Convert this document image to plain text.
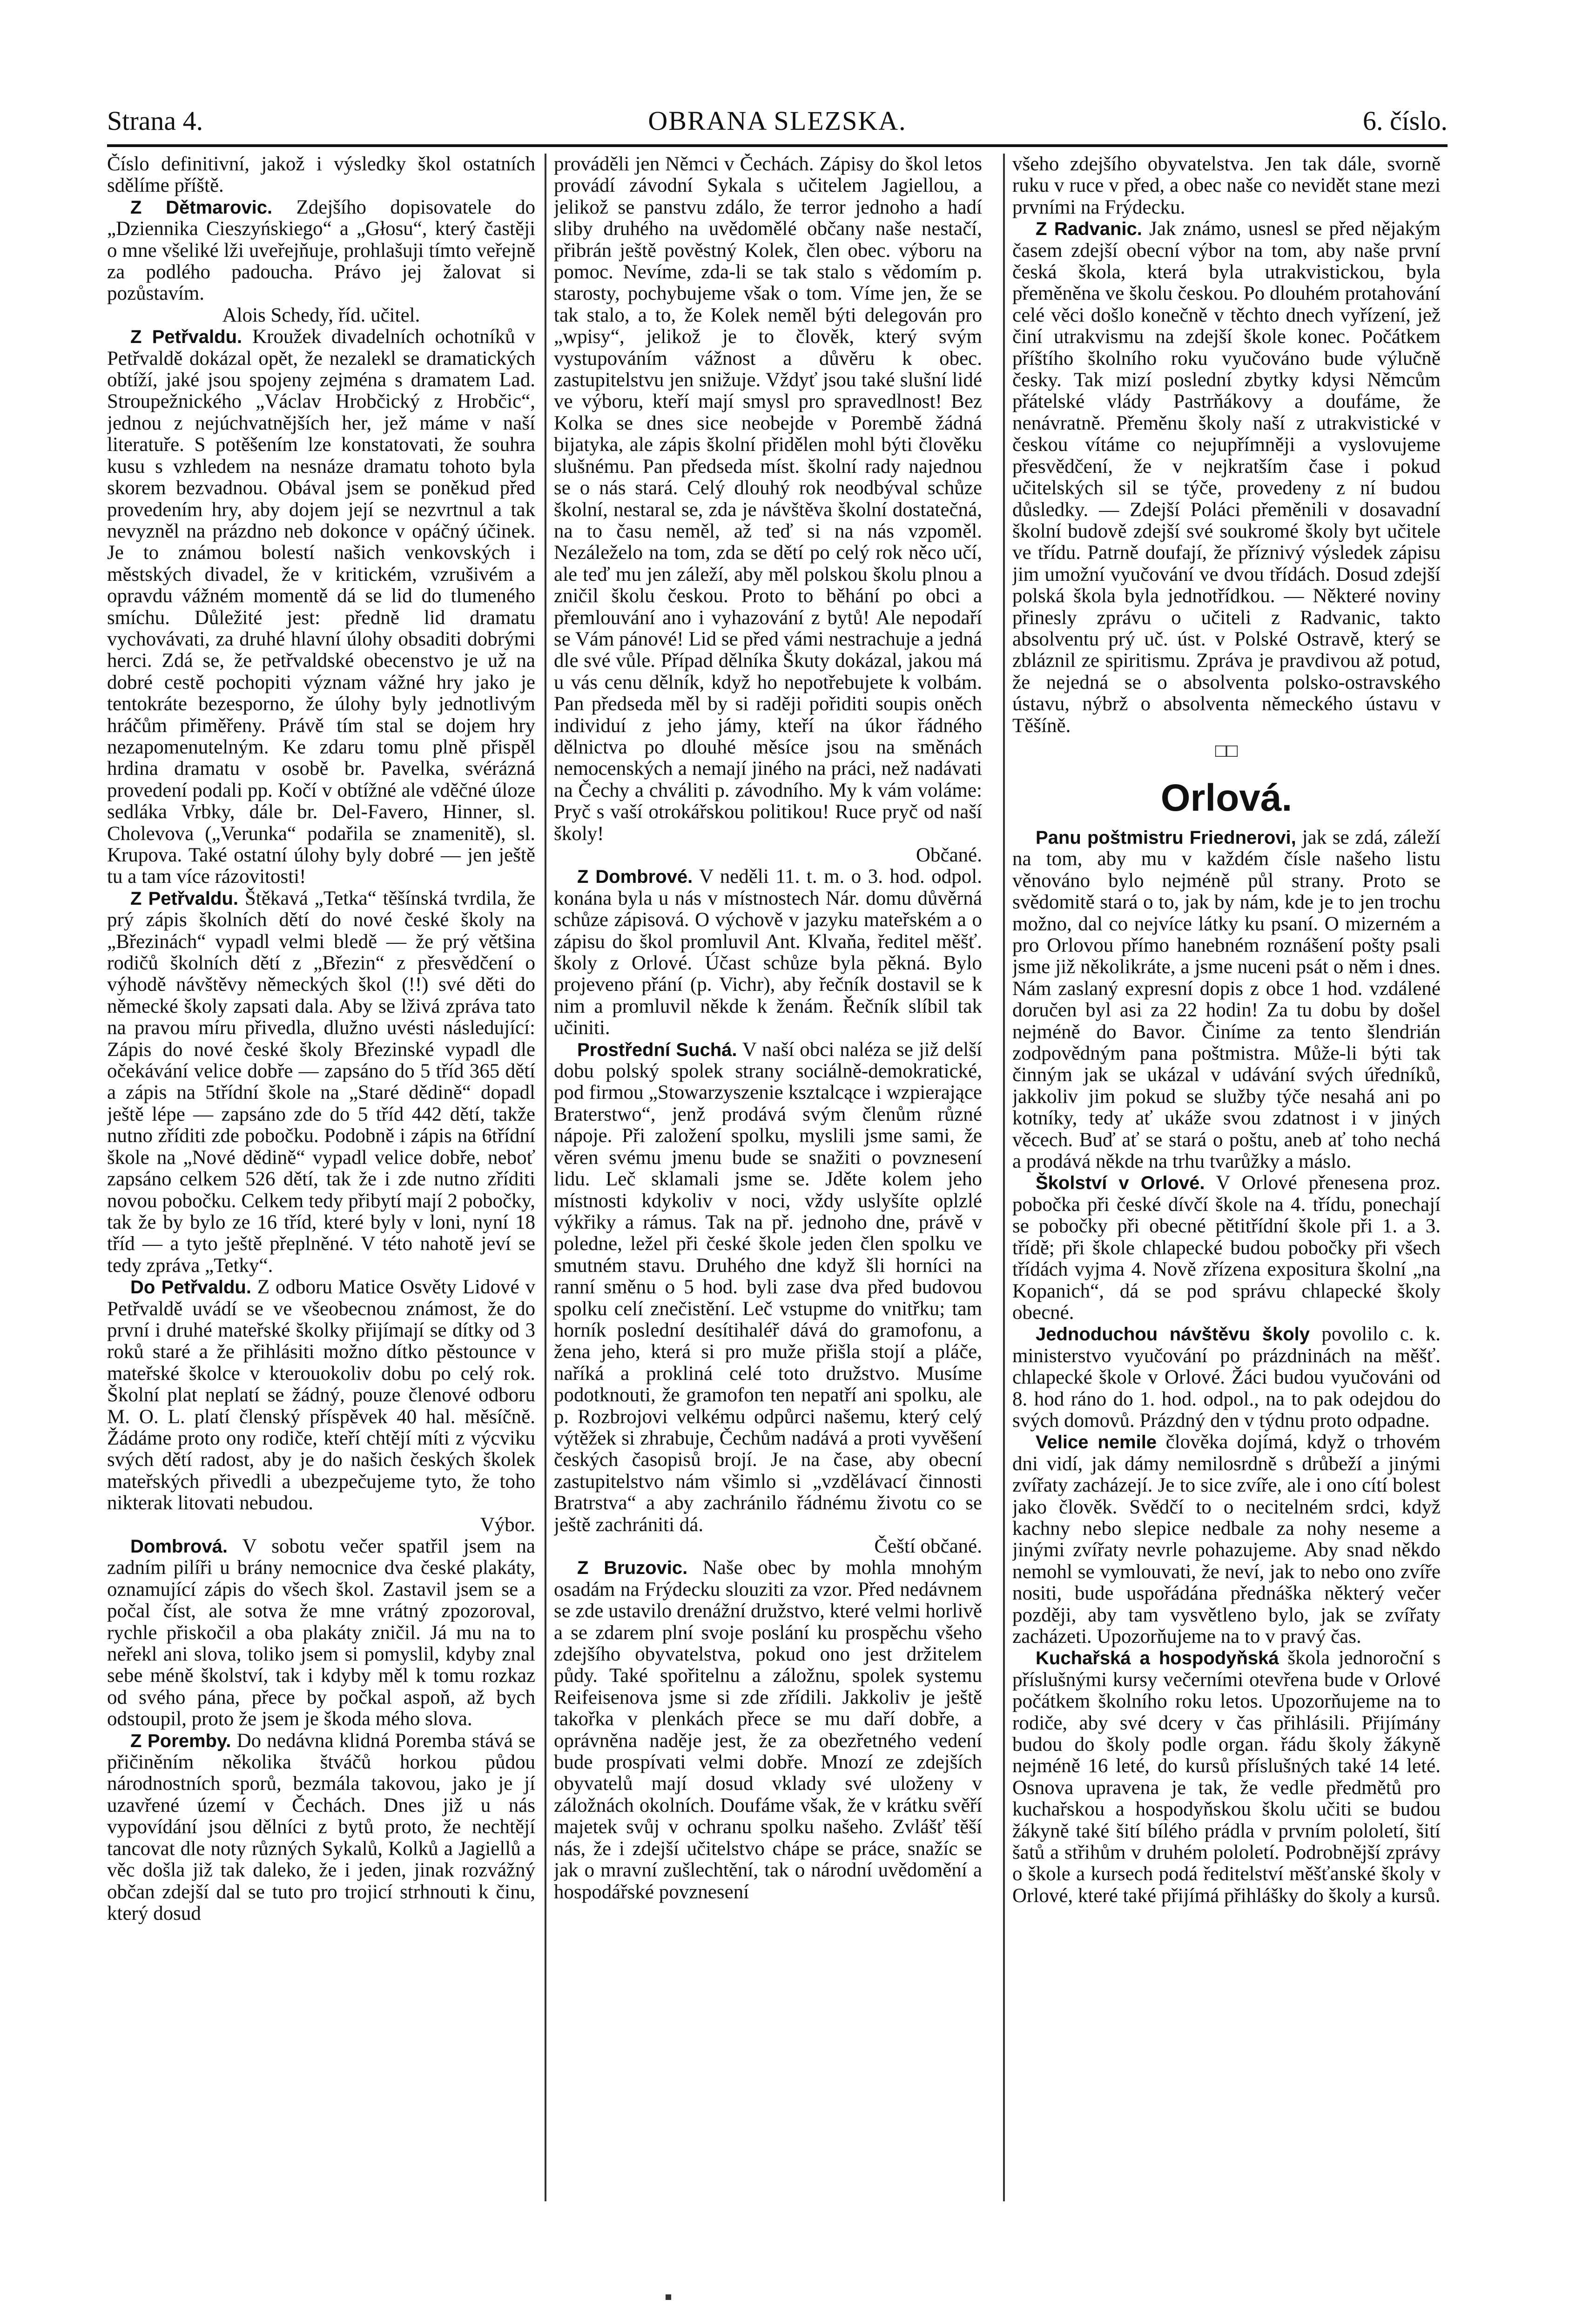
Strana 4.	OBRANA SLEZSKA.	6. číslo.

Číslo definitivní, jakož i výsledky škol ostatních sdělíme příště.

Z Dětmarovic. Zdejšího dopisovatele do „Dziennika Cieszyńskiego“ a „Głosu“, který častěji o mne všeliké lži uveřejňuje, prohlašuji tímto veřejně za podlého padoucha. Právo jej žalovat si pozůstavím.

Alois Schedy, říd. učitel.

Z Petřvaldu. Kroužek divadelních ochotníků v Petřvaldě dokázal opět, že nezalekl se dramatických obtíží, jaké jsou spojeny zejména s dramatem Lad. Stroupežnického „Václav Hrobčický z Hrobčic“, jednou z nejúchvatnějších her, jež máme v naší literatuře. S potěšením lze konstatovati, že souhra kusu s vzhledem na nesnáze dramatu tohoto byla skorem bezvadnou. Obával jsem se poněkud před provedením hry, aby dojem její se nezvrtnul a tak nevyzněl na prázdno neb dokonce v opáčný účinek. Je to známou bolestí našich venkovských i městských divadel, že v kritickém, vzrušivém a opravdu vážném momentě dá se lid do tlumeného smíchu. Důležité jest: předně lid dramatu vychovávati, za druhé hlavní úlohy obsaditi dobrými herci. Zdá se, že petřvaldské obecenstvo je už na dobré cestě pochopiti význam vážné hry jako je tentokráte bezesporno, že úlohy byly jednotlivým hráčům přiměřeny. Právě tím stal se dojem hry nezapomenutelným. Ke zdaru tomu plně přispěl hrdina dramatu v osobě br. Pavelka, svérázná provedení podali pp. Kočí v obtížné ale vděčné úloze sedláka Vrbky, dále br. Del-Favero, Hinner, sl. Cholevova („Verunka“ podařila se znamenitě), sl. Krupova. Také ostatní úlohy byly dobré — jen ještě tu a tam více rázovitosti!

Z Petřvaldu. Štěkavá „Tetka“ těšínská tvrdila, že prý zápis školních dětí do nové české školy na „Březinách“ vypadl velmi bledě — že prý většina rodičů školních dětí z „Březin“ z přesvědčení o výhodě návštěvy německých škol (!!) své děti do německé školy zapsati dala. Aby se lživá zpráva tato na pravou míru přivedla, dlužno uvésti následující: Zápis do nové české školy Březinské vypadl dle očekávání velice dobře — zapsáno do 5 tříd 365 dětí a zápis na 5třídní škole na „Staré dědině“ dopadl ještě lépe — zapsáno zde do 5 tříd 442 dětí, takže nutno zříditi zde pobočku. Podobně i zápis na 6třídní škole na „Nové dědině“ vypadl velice dobře, neboť zapsáno celkem 526 dětí, tak že i zde nutno zříditi novou pobočku. Celkem tedy přibytí mají 2 pobočky, tak že by bylo ze 16 tříd, které byly v loni, nyní 18 tříd — a tyto ještě přeplněné. V této nahotě jeví se tedy zpráva „Tetky“.

Do Petřvaldu. Z odboru Matice Osvěty Lidové v Petřvaldě uvádí se ve všeobecnou známost, že do první i druhé mateřské školky přijímají se dítky od 3 roků staré a že přihlásiti možno dítko pěstounce v mateřské školce v kterouokoliv dobu po celý rok. Školní plat neplatí se žádný, pouze členové odboru M. O. L. platí členský příspěvek 40 hal. měsíčně. Žádáme proto ony rodiče, kteří chtějí míti z výcviku svých dětí radost, aby je do našich českých školek mateřských přivedli a ubezpečujeme tyto, že toho nikterak litovati nebudou.

Výbor.

Dombrová. V sobotu večer spatřil jsem na zadním pilíři u brány nemocnice dva české plakáty, oznamující zápis do všech škol. Zastavil jsem se a počal číst, ale sotva že mne vrátný zpozoroval, rychle přiskočil a oba plakáty zničil. Já mu na to neřekl ani slova, toliko jsem si pomyslil, kdyby znal sebe méně školství, tak i kdyby měl k tomu rozkaz od svého pána, přece by počkal aspoň, až bych odstoupil, proto že jsem je škoda mého slova.

Z Poremby. Do nedávna klidná Poremba stává se přičiněním několika štváčů horkou půdou národnostních sporů, bezmála takovou, jako je jí uzavřené území v Čechách. Dnes již u nás vypovídání jsou dělníci z bytů proto, že nechtějí tancovat dle noty různých Sykalů, Kolků a Jagiellů a věc došla již tak daleko, že i jeden, jinak rozvážný občan zdejší dal se tuto pro trojicí strhnouti k činu, který dosud

prováděli jen Němci v Čechách. Zápisy do škol letos provádí závodní Sykala s učitelem Jagiellou, a jelikož se panstvu zdálo, že terror jednoho a hadí sliby druhého na uvědomělé občany naše nestačí, přibrán ještě pověstný Kolek, člen obec. výboru na pomoc. Nevíme, zda-li se tak stalo s vědomím p. starosty, pochybujeme však o tom. Víme jen, že se tak stalo, a to, že Kolek neměl býti delegován pro „wpisy“, jelikož je to člověk, který svým vystupováním vážnost a důvěru k obec. zastupitelstvu jen snižuje. Vždyť jsou také slušní lidé ve výboru, kteří mají smysl pro spravedlnost! Bez Kolka se dnes sice neobejde v Porembě žádná bijatyka, ale zápis školní přidělen mohl býti člověku slušnému. Pan předseda míst. školní rady najednou se o nás stará. Celý dlouhý rok neodbýval schůze školní, nestaral se, zda je návštěva školní dostatečná, na to času neměl, až teď si na nás vzpoměl. Nezáleželo na tom, zda se dětí po celý rok něco učí, ale teď mu jen záleží, aby měl polskou školu plnou a zničil školu českou. Proto to běhání po obci a přemlouvání ano i vyhazování z bytů! Ale nepodaří se Vám pánové! Lid se před vámi nestrachuje a jedná dle své vůle. Případ dělníka Škuty dokázal, jakou má u vás cenu dělník, když ho nepotřebujete k volbám. Pan předseda měl by si raději pořiditi soupis oněch individuí z jeho jámy, kteří na úkor řádného dělnictva po dlouhé měsíce jsou na směnách nemocenských a nemají jiného na práci, než nadávati na Čechy a chváliti p. závodního. My k vám voláme: Pryč s vaší otrokářskou politikou! Ruce pryč od naší školy!

Občané.

Z Dombrové. V neděli 11. t. m. o 3. hod. odpol. konána byla u nás v místnostech Nár. domu důvěrná schůze zápisová. O výchově v jazyku mateřském a o zápisu do škol promluvil Ant. Klvaňa, ředitel měšť. školy z Orlové. Účast schůze byla pěkná. Bylo projeveno přání (p. Vichr), aby řečník dostavil se k nim a promluvil někde k ženám. Řečník slíbil tak učiniti.

Prostřední Suchá. V naší obci naléza se již delší dobu polský spolek strany sociálně-demokratické, pod firmou „Stowarzyszenie ksztalcące i wzpierające Braterstwo“, jenž prodává svým členům různé nápoje. Při založení spolku, myslili jsme sami, že věren svému jmenu bude se snažiti o povznesení lidu. Leč sklamali jsme se. Jděte kolem jeho místnosti kdykoliv v noci, vždy uslyšíte oplzlé výkřiky a rámus. Tak na př. jednoho dne, právě v poledne, ležel při české škole jeden člen spolku ve smutném stavu. Druhého dne když šli horníci na ranní směnu o 5 hod. byli zase dva před budovou spolku celí znečistění. Leč vstupme do vnitřku; tam horník poslední desítihaléř dává do gramofonu, a žena jeho, která si pro muže přišla stojí a pláče, naříká a prokliná celé toto družstvo. Musíme podotknouti, že gramofon ten nepatří ani spolku, ale p. Rozbrojovi velkému odpůrci našemu, který celý výtěžek si zhrabuje, Čechům nadává a proti vyvěšení českých časopisů brojí. Je na čase, aby obecní zastupitelstvo nám všimlo si „vzdělávací činnosti Bratrstva“ a aby zachránilo řádnému životu co se ještě zachrániti dá.

Čeští občané.

Z Bruzovic. Naše obec by mohla mnohým osadám na Frýdecku slouziti za vzor. Před nedávnem se zde ustavilo drenážní družstvo, které velmi horlivě a se zdarem plní svoje poslání ku prospěchu všeho zdejšího obyvatelstva, pokud ono jest držitelem půdy. Také spořitelnu a záložnu, spolek systemu Reifeisenova jsme si zde zřídili. Jakkoliv je ještě takořka v plenkách přece se mu daří dobře, a oprávněna naděje jest, že za obezřetného vedení bude prospívati velmi dobře. Mnozí ze zdejších obyvatelů mají dosud vklady své uloženy v záložnách okolních. Doufáme však, že v krátku svěří majetek svůj v ochranu spolku našeho. Zvlášť těší nás, že i zdejší učitelstvo chápe se práce, snažíc se jak o mravní zušlechtění, tak o národní uvědomění a hospodářské povznesení

všeho zdejšího obyvatelstva. Jen tak dále, svorně ruku v ruce v před, a obec naše co nevidět stane mezi prvními na Frýdecku.

Z Radvanic. Jak známo, usnesl se před nějakým časem zdejší obecní výbor na tom, aby naše první česká škola, která byla utrakvistickou, byla přeměněna ve školu českou. Po dlouhém protahování celé věci došlo konečně v těchto dnech vyřízení, jež činí utrakvismu na zdejší škole konec. Počátkem příštího školního roku vyučováno bude výlučně česky. Tak mizí poslední zbytky kdysi Němcům přátelské vlády Pastrňákovy a doufáme, že nenávratně. Přeměnu školy naší z utrakvistické v českou vítáme co nejupřímněji a vyslovujeme přesvědčení, že v nejkratším čase i pokud učitelských sil se týče, provedeny z ní budou důsledky. — Zdejší Poláci přeměnili v dosavadní školní budově zdejší své soukromé školy byt učitele ve třídu. Patrně doufají, že příznivý výsledek zápisu jim umožní vyučování ve dvou třídách. Dosud zdejší polská škola byla jednotřídkou. — Některé noviny přinesly zprávu o učiteli z Radvanic, takto absolventu prý uč. úst. v Polské Ostravě, který se zbláznil ze spiritismu. Zpráva je pravdivou až potud, že nejedná se o absolventa polsko-ostravského ústavu, nýbrž o absolventa německého ústavu v Těšíně.

□□

Orlová.

Panu poštmistru Friednerovi, jak se zdá, záleží na tom, aby mu v každém čísle našeho listu věnováno bylo nejméně půl strany. Proto se svědomitě stará o to, jak by nám, kde je to jen trochu možno, dal co nejvíce látky ku psaní. O mizerném a pro Orlovou přímo hanebném roznášení pošty psali jsme již několikráte, a jsme nuceni psát o něm i dnes. Nám zaslaný expresní dopis z obce 1 hod. vzdálené doručen byl asi za 22 hodin! Za tu dobu by došel nejméně do Bavor. Činíme za tento šlendrián zodpovědným pana poštmistra. Může-li býti tak činným jak se ukázal v udávání svých úředníků, jakkoliv jim pokud se služby týče nesahá ani po kotníky, tedy ať ukáže svou zdatnost i v jiných věcech. Buď ať se stará o poštu, aneb ať toho nechá a prodává někde na trhu tvarůžky a máslo.

Školství v Orlové. V Orlové přenesena proz. pobočka při české dívčí škole na 4. třídu, ponechají se pobočky při obecné pětitřídní škole při 1. a 3. třídě; při škole chlapecké budou pobočky při všech třídách vyjma 4. Nově zřízena expositura školní „na Kopanich“, dá se pod správu chlapecké školy obecné.

Jednoduchou návštěvu školy povolilo c. k. ministerstvo vyučování po prázdninách na měšť. chlapecké škole v Orlové. Žáci budou vyučováni od 8. hod ráno do 1. hod. odpol., na to pak odejdou do svých domovů. Prázdný den v týdnu proto odpadne.

Velice nemile člověka dojímá, když o trhovém dni vidí, jak dámy nemilosrdně s drůbeží a jinými zvířaty zacházejí. Je to sice zvíře, ale i ono cítí bolest jako člověk. Svědčí to o necitelném srdci, když kachny nebo slepice nedbale za nohy neseme a jinými zvířaty nevrle pohazujeme. Aby snad někdo nemohl se vymlouvati, že neví, jak to nebo ono zvíře nositi, bude uspořádána přednáška některý večer později, aby tam vysvětleno bylo, jak se zvířaty zacházeti. Upozorňujeme na to v pravý čas.

Kuchařská a hospodyňská škola jednoroční s příslušnými kursy večerními otevřena bude v Orlové počátkem školního roku letos. Upozorňujeme na to rodiče, aby své dcery v čas přihlásili. Přijímány budou do školy podle organ. řádu školy žákyně nejméně 16 leté, do kursů příslušných také 14 leté. Osnova upravena je tak, že vedle předmětů pro kuchařskou a hospodyňskou školu učiti se budou žákyně také šití bílého prádla v prvním pololetí, šití šatů a střihům v druhém pololetí. Podrobnější zprávy o škole a kursech podá ředitelství měšťanské školy v Orlové, které také přijímá přihlášky do školy a kursů.
